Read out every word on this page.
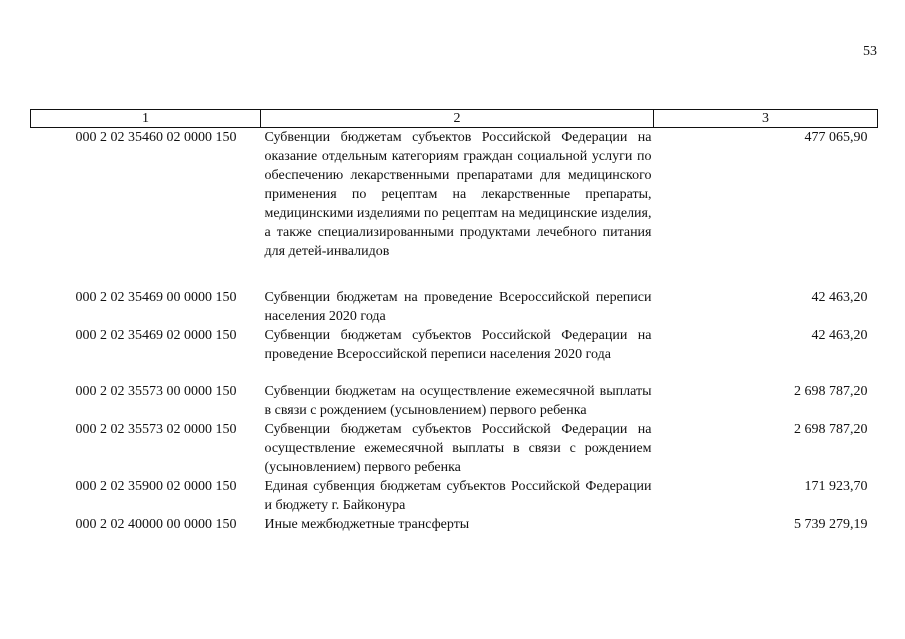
53
1	2	3
000 2 02 35460 02 0000 150	Субвенции бюджетам субъектов Российской Федерации на оказание отдельным категориям граждан социальной услуги по обеспечению лекарственными препаратами для медицинского применения по рецептам на лекарственные препараты, медицинскими изделиями по рецептам на медицинские изделия, а также специализированными продуктами лечебного питания для детей-инвалидов	477 065,90
000 2 02 35469 00 0000 150	Субвенции бюджетам на проведение Всероссийской переписи населения 2020 года	42 463,20
000 2 02 35469 02 0000 150	Субвенции бюджетам субъектов Российской Федерации на проведение Всероссийской переписи населения 2020 года	42 463,20
000 2 02 35573 00 0000 150	Субвенции бюджетам на осуществление ежемесячной выплаты в связи с рождением (усыновлением) первого ребенка	2 698 787,20
000 2 02 35573 02 0000 150	Субвенции бюджетам субъектов Российской Федерации на осуществление ежемесячной выплаты в связи с рождением (усыновлением) первого ребенка	2 698 787,20
000 2 02 35900 02 0000 150	Единая субвенция бюджетам субъектов Российской Федерации и бюджету г. Байконура	171 923,70
000 2 02 40000 00 0000 150	Иные межбюджетные трансферты	5 739 279,19
